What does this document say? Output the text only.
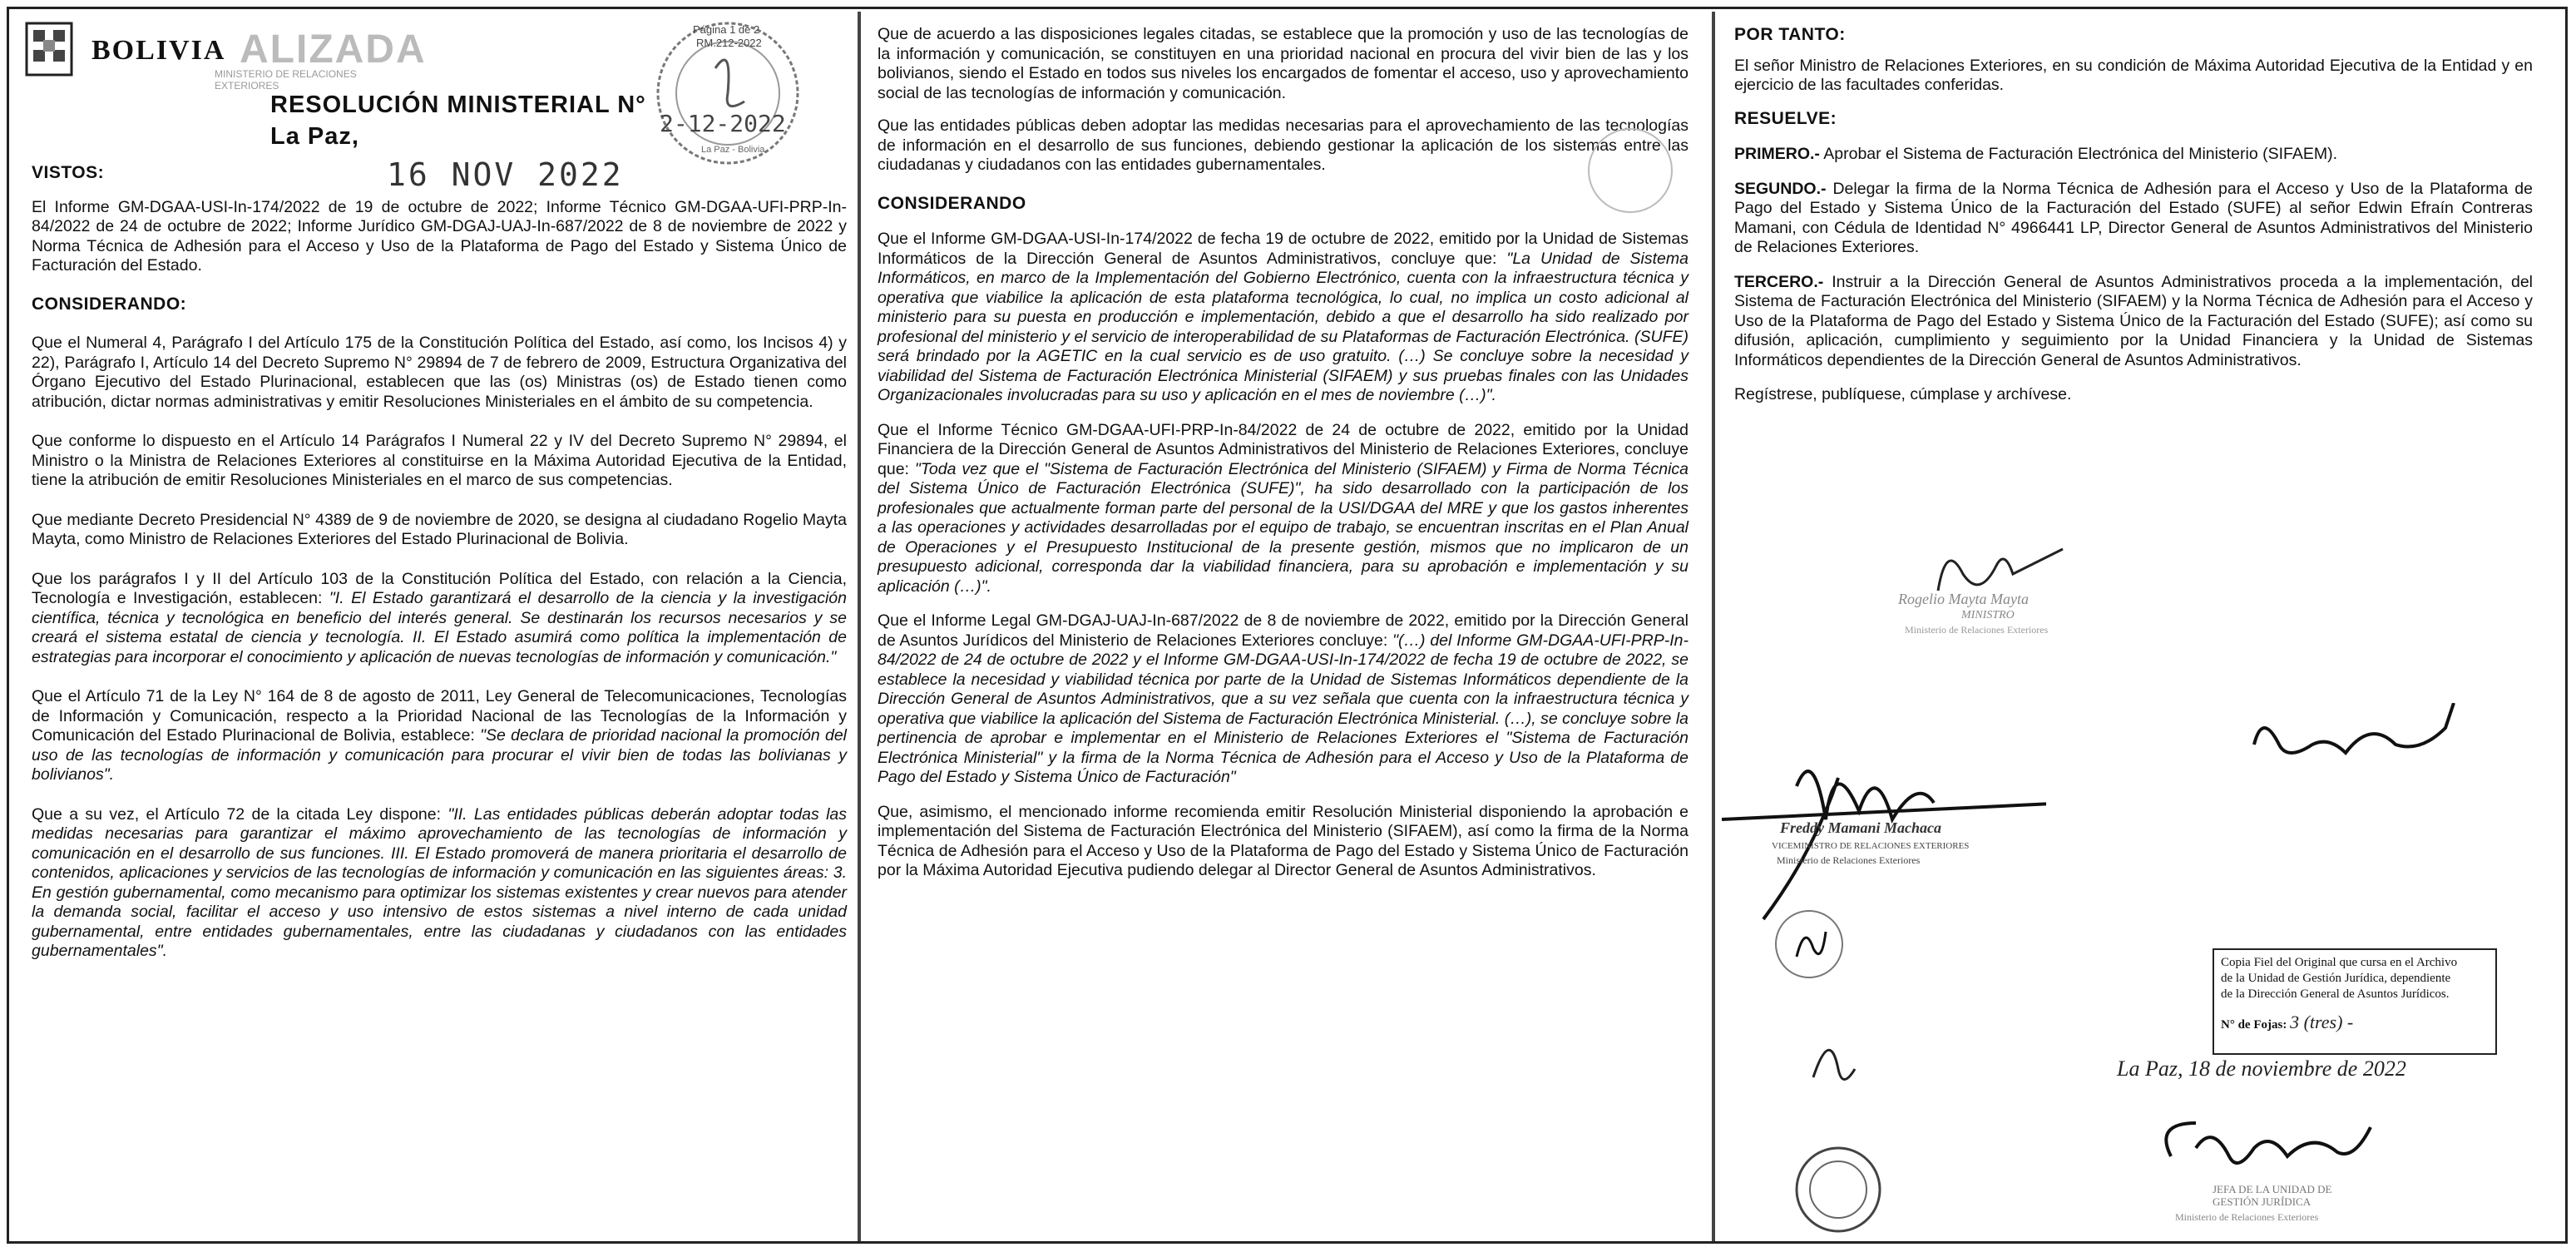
ALIZADA
BOLIVIA
MINISTERIO DE RELACIONES EXTERIORES
Página 1 de 2
RM.212-2022
2-12-2022
La Paz - Bolivia
RESOLUCIÓN MINISTERIAL N°
La Paz,
16 NOV 2022

VISTOS:

El Informe GM-DGAA-USI-In-174/2022 de 19 de octubre de 2022; Informe Técnico GM-DGAA-UFI-PRP-In-84/2022 de 24 de octubre de 2022; Informe Jurídico GM-DGAJ-UAJ-In-687/2022 de 8 de noviembre de 2022 y Norma Técnica de Adhesión para el Acceso y Uso de la Plataforma de Pago del Estado y Sistema Único de Facturación del Estado.

CONSIDERANDO:

Que el Numeral 4, Parágrafo I del Artículo 175 de la Constitución Política del Estado, así como, los Incisos 4) y 22), Parágrafo I, Artículo 14 del Decreto Supremo N° 29894 de 7 de febrero de 2009, Estructura Organizativa del Órgano Ejecutivo del Estado Plurinacional, establecen que las (os) Ministras (os) de Estado tienen como atribución, dictar normas administrativas y emitir Resoluciones Ministeriales en el ámbito de su competencia.

Que conforme lo dispuesto en el Artículo 14 Parágrafos I Numeral 22 y IV del Decreto Supremo N° 29894, el Ministro o la Ministra de Relaciones Exteriores al constituirse en la Máxima Autoridad Ejecutiva de la Entidad, tiene la atribución de emitir Resoluciones Ministeriales en el marco de sus competencias.

Que mediante Decreto Presidencial N° 4389 de 9 de noviembre de 2020, se designa al ciudadano Rogelio Mayta Mayta, como Ministro de Relaciones Exteriores del Estado Plurinacional de Bolivia.

Que los parágrafos I y II del Artículo 103 de la Constitución Política del Estado, con relación a la Ciencia, Tecnología e Investigación, establecen: "I. El Estado garantizará el desarrollo de la ciencia y la investigación científica, técnica y tecnológica en beneficio del interés general. Se destinarán los recursos necesarios y se creará el sistema estatal de ciencia y tecnología. II. El Estado asumirá como política la implementación de estrategias para incorporar el conocimiento y aplicación de nuevas tecnologías de información y comunicación."

Que el Artículo 71 de la Ley N° 164 de 8 de agosto de 2011, Ley General de Telecomunicaciones, Tecnologías de Información y Comunicación, respecto a la Prioridad Nacional de las Tecnologías de la Información y Comunicación del Estado Plurinacional de Bolivia, establece: "Se declara de prioridad nacional la promoción del uso de las tecnologías de información y comunicación para procurar el vivir bien de todas las bolivianas y bolivianos".

Que a su vez, el Artículo 72 de la citada Ley dispone: "II. Las entidades públicas deberán adoptar todas las medidas necesarias para garantizar el máximo aprovechamiento de las tecnologías de información y comunicación en el desarrollo de sus funciones. III. El Estado promoverá de manera prioritaria el desarrollo de contenidos, aplicaciones y servicios de las tecnologías de información y comunicación en las siguientes áreas: 3. En gestión gubernamental, como mecanismo para optimizar los sistemas existentes y crear nuevos para atender la demanda social, facilitar el acceso y uso intensivo de estos sistemas a nivel interno de cada unidad gubernamental, entre entidades gubernamentales, entre las ciudadanas y ciudadanos con las entidades gubernamentales".

Que de acuerdo a las disposiciones legales citadas, se establece que la promoción y uso de las tecnologías de la información y comunicación, se constituyen en una prioridad nacional en procura del vivir bien de las y los bolivianos, siendo el Estado en todos sus niveles los encargados de fomentar el acceso, uso y aprovechamiento social de las tecnologías de información y comunicación.

Que las entidades públicas deben adoptar las medidas necesarias para el aprovechamiento de las tecnologías de información en el desarrollo de sus funciones, debiendo gestionar la aplicación de los sistemas entre las ciudadanas y ciudadanos con las entidades gubernamentales.

CONSIDERANDO

Que el Informe GM-DGAA-USI-In-174/2022 de fecha 19 de octubre de 2022, emitido por la Unidad de Sistemas Informáticos de la Dirección General de Asuntos Administrativos, concluye que: "La Unidad de Sistema Informáticos, en marco de la Implementación del Gobierno Electrónico, cuenta con la infraestructura técnica y operativa que viabilice la aplicación de esta plataforma tecnológica, lo cual, no implica un costo adicional al ministerio para su puesta en producción e implementación, debido a que el desarrollo ha sido realizado por profesional del ministerio y el servicio de interoperabilidad de su Plataformas de Facturación Electrónica. (SUFE) será brindado por la AGETIC en la cual servicio es de uso gratuito. (…) Se concluye sobre la necesidad y viabilidad del Sistema de Facturación Electrónica Ministerial (SIFAEM) y sus pruebas finales con las Unidades Organizacionales involucradas para su uso y aplicación en el mes de noviembre (…)".

Que el Informe Técnico GM-DGAA-UFI-PRP-In-84/2022 de 24 de octubre de 2022, emitido por la Unidad Financiera de la Dirección General de Asuntos Administrativos del Ministerio de Relaciones Exteriores, concluye que: "Toda vez que el "Sistema de Facturación Electrónica del Ministerio (SIFAEM) y Firma de Norma Técnica del Sistema Único de Facturación Electrónica (SUFE)", ha sido desarrollado con la participación de los profesionales que actualmente forman parte del personal de la USI/DGAA del MRE y que los gastos inherentes a las operaciones y actividades desarrolladas por el equipo de trabajo, se encuentran inscritas en el Plan Anual de Operaciones y el Presupuesto Institucional de la presente gestión, mismos que no implicaron de un presupuesto adicional, corresponda dar la viabilidad financiera, para su aprobación e implementación y su aplicación (…)".

Que el Informe Legal GM-DGAJ-UAJ-In-687/2022 de 8 de noviembre de 2022, emitido por la Dirección General de Asuntos Jurídicos del Ministerio de Relaciones Exteriores concluye: "(…) del Informe GM-DGAA-UFI-PRP-In-84/2022 de 24 de octubre de 2022 y el Informe GM-DGAA-USI-In-174/2022 de fecha 19 de octubre de 2022, se establece la necesidad y viabilidad técnica por parte de la Unidad de Sistemas Informáticos dependiente de la Dirección General de Asuntos Administrativos, que a su vez señala que cuenta con la infraestructura técnica y operativa que viabilice la aplicación del Sistema de Facturación Electrónica Ministerial. (…), se concluye sobre la pertinencia de aprobar e implementar en el Ministerio de Relaciones Exteriores el "Sistema de Facturación Electrónica Ministerial" y la firma de la Norma Técnica de Adhesión para el Acceso y Uso de la Plataforma de Pago del Estado y Sistema Único de Facturación"

Que, asimismo, el mencionado informe recomienda emitir Resolución Ministerial disponiendo la aprobación e implementación del Sistema de Facturación Electrónica del Ministerio (SIFAEM), así como la firma de la Norma Técnica de Adhesión para el Acceso y Uso de la Plataforma de Pago del Estado y Sistema Único de Facturación por la Máxima Autoridad Ejecutiva pudiendo delegar al Director General de Asuntos Administrativos.

POR TANTO:

El señor Ministro de Relaciones Exteriores, en su condición de Máxima Autoridad Ejecutiva de la Entidad y en ejercicio de las facultades conferidas.

RESUELVE:

PRIMERO.- Aprobar el Sistema de Facturación Electrónica del Ministerio (SIFAEM).

SEGUNDO.- Delegar la firma de la Norma Técnica de Adhesión para el Acceso y Uso de la Plataforma de Pago del Estado y Sistema Único de la Facturación del Estado (SUFE) al señor Edwin Efraín Contreras Mamani, con Cédula de Identidad N° 4966441 LP, Director General de Asuntos Administrativos del Ministerio de Relaciones Exteriores.

TERCERO.- Instruir a la Dirección General de Asuntos Administrativos proceda a la implementación, del Sistema de Facturación Electrónica del Ministerio (SIFAEM) y la Norma Técnica de Adhesión para el Acceso y Uso de la Plataforma de Pago del Estado y Sistema Único de la Facturación del Estado (SUFE); así como su difusión, aplicación, cumplimiento y seguimiento por la Unidad Financiera y la Unidad de Sistemas Informáticos dependientes de la Dirección General de Asuntos Administrativos.

Regístrese, publíquese, cúmplase y archívese.

Rogelio Mayta Mayta
MINISTRO
Ministerio de Relaciones Exteriores
Freddy Mamani Machaca
VICEMINISTRO DE RELACIONES EXTERIORES
Ministerio de Relaciones Exteriores
Copia Fiel del Original que cursa en el Archivo
de la Unidad de Gestión Jurídica, dependiente
de la Dirección General de Asuntos Jurídicos.
N° de Fojas: 3 (tres) -
La Paz, 18 de noviembre de 2022
JEFA DE LA UNIDAD DE GESTIÓN JURÍDICA
Ministerio de Relaciones Exteriores
